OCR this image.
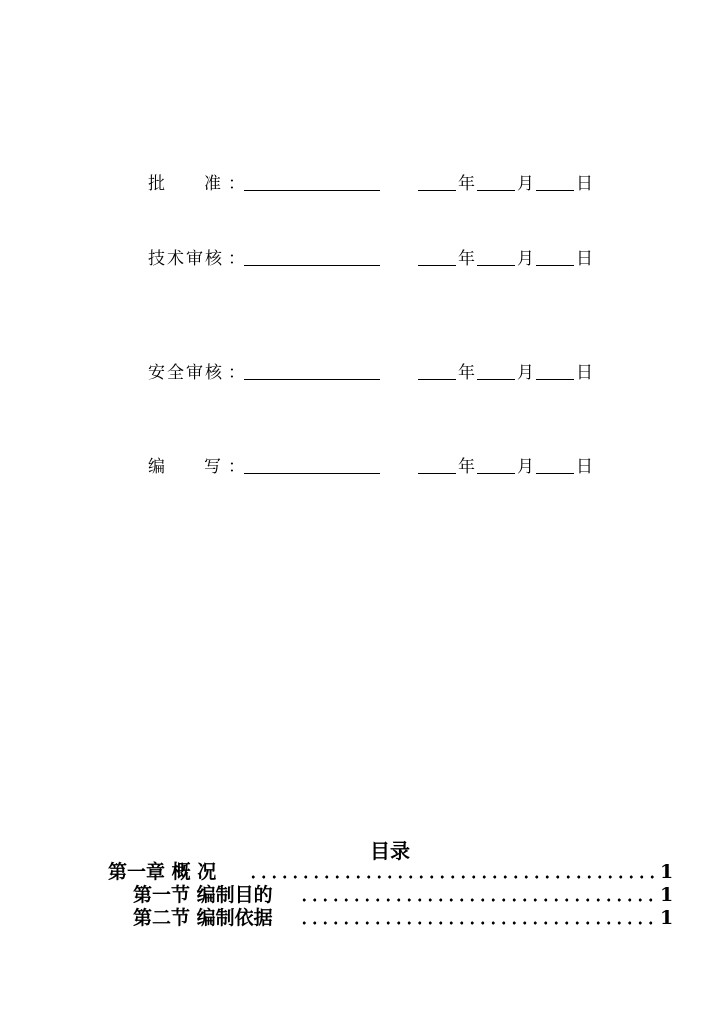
批 准 ：	年 月 日
技 术 审 核 ：	年 月 日
安 全 审 核 ：	年 月 日
编 写 ：	年 月 日
目录
第一章 概 况	1
第一节 编制目的	1
第二节 编制依据	1
